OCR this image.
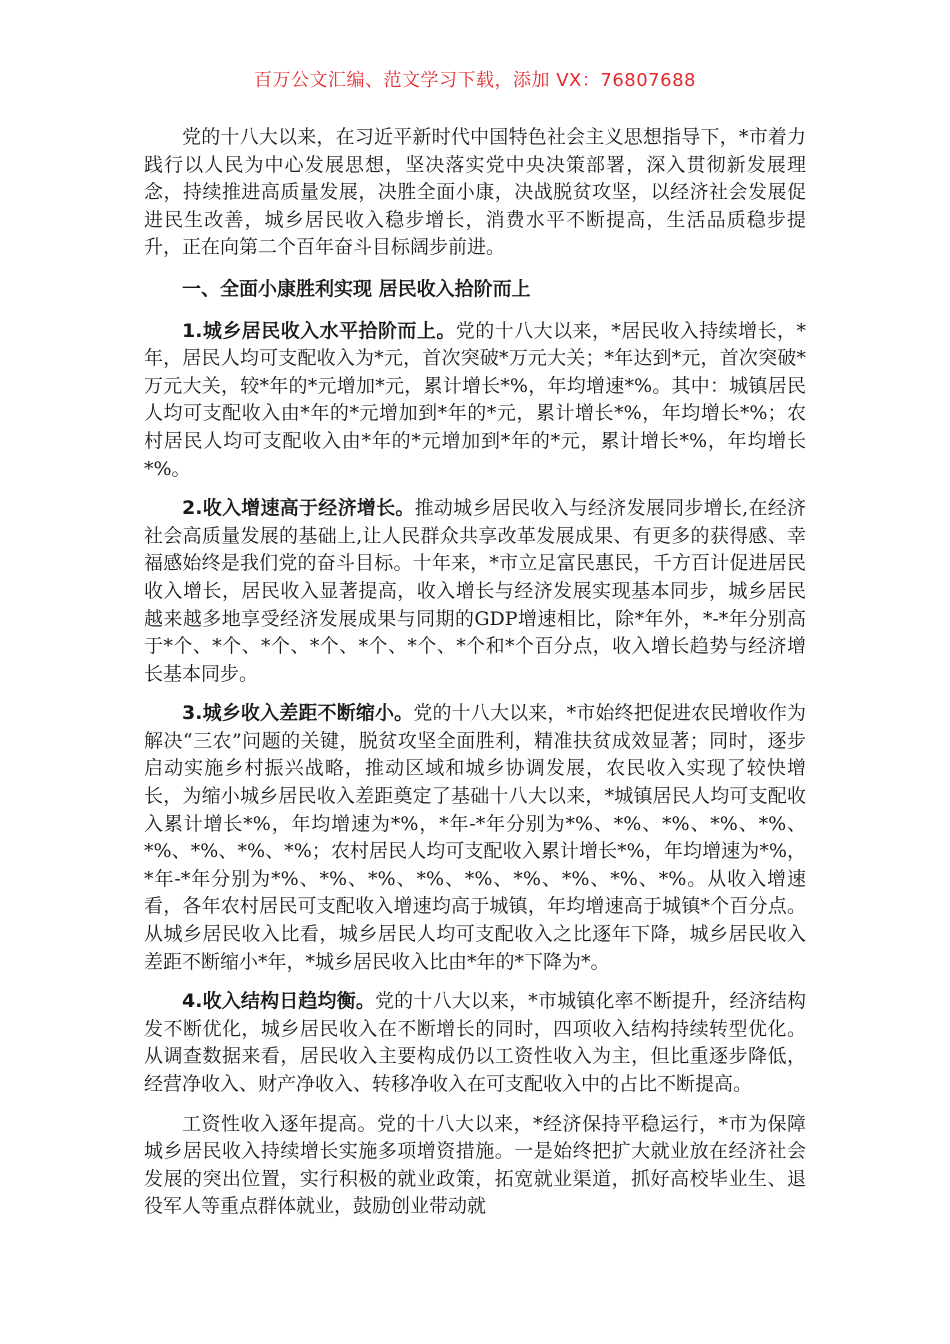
百万公文汇编、范文学习下载，添加 VX：76807688

党的十八大以来，在习近平新时代中国特色社会主义思想指导下，*市着力践行以人民为中心发展思想，坚决落实党中央决策部署，深入贯彻新发展理念，持续推进高质量发展，决胜全面小康，决战脱贫攻坚，以经济社会发展促进民生改善，城乡居民收入稳步增长，消费水平不断提高，生活品质稳步提升，正在向第二个百年奋斗目标阔步前进。

一、全面小康胜利实现 居民收入拾阶而上

1.城乡居民收入水平拾阶而上。党的十八大以来，*居民收入持续增长，*年，居民人均可支配收入为*元，首次突破*万元大关；*年达到*元，首次突破*万元大关，较*年的*元增加*元，累计增长*%，年均增速*%。其中：城镇居民人均可支配收入由*年的*元增加到*年的*元，累计增长*%，年均增长*%；农村居民人均可支配收入由*年的*元增加到*年的*元，累计增长*%，年均增长*%。

2.收入增速高于经济增长。推动城乡居民收入与经济发展同步增长,在经济社会高质量发展的基础上,让人民群众共享改革发展成果、有更多的获得感、幸福感始终是我们党的奋斗目标。十年来，*市立足富民惠民，千方百计促进居民收入增长，居民收入显著提高，收入增长与经济发展实现基本同步，城乡居民越来越多地享受经济发展成果与同期的GDP增速相比，除*年外，*-*年分别高于*个、*个、*个、*个、*个、*个、*个和*个百分点，收入增长趋势与经济增长基本同步。

3.城乡收入差距不断缩小。党的十八大以来，*市始终把促进农民增收作为解决“三农”问题的关键，脱贫攻坚全面胜利，精准扶贫成效显著；同时，逐步启动实施乡村振兴战略，推动区域和城乡协调发展，农民收入实现了较快增长，为缩小城乡居民收入差距奠定了基础十八大以来，*城镇居民人均可支配收入累计增长*%，年均增速为*%，*年-*年分别为*%、*%、*%、*%、*%、*%、*%、*%、*%；农村居民人均可支配收入累计增长*%，年均增速为*%，*年-*年分别为*%、*%、*%、*%、*%、*%、*%、*%、*%。从收入增速看，各年农村居民可支配收入增速均高于城镇，年均增速高于城镇*个百分点。从城乡居民收入比看，城乡居民人均可支配收入之比逐年下降，城乡居民收入差距不断缩小*年，*城乡居民收入比由*年的*下降为*。

4.收入结构日趋均衡。党的十八大以来，*市城镇化率不断提升，经济结构发不断优化，城乡居民收入在不断增长的同时，四项收入结构持续转型优化。从调查数据来看，居民收入主要构成仍以工资性收入为主，但比重逐步降低，经营净收入、财产净收入、转移净收入在可支配收入中的占比不断提高。

工资性收入逐年提高。党的十八大以来，*经济保持平稳运行，*市为保障城乡居民收入持续增长实施多项增资措施。一是始终把扩大就业放在经济社会发展的突出位置，实行积极的就业政策，拓宽就业渠道，抓好高校毕业生、退役军人等重点群体就业，鼓励创业带动就
